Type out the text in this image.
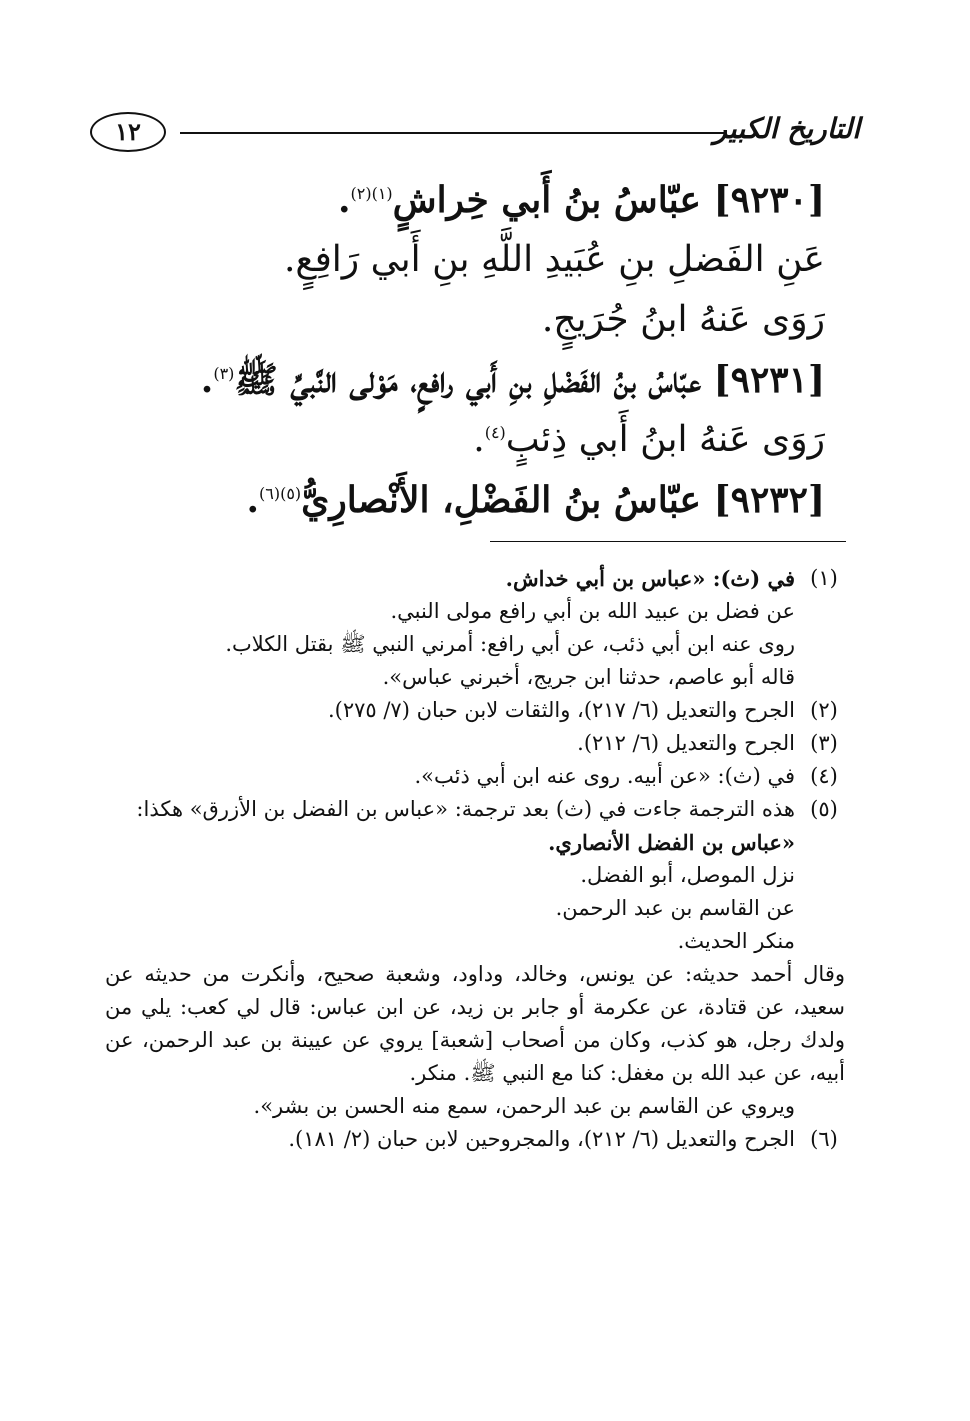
١٢	التاريخ الكبير
[٩٢٣٠] عبّاسُ بنُ أَبي خِراشٍ$^{(١)(٢)}$.
عَنِ الفَضلِ بنِ عُبَيدِ اللَّهِ بنِ أَبي رَافِعٍ.
رَوَى عَنهُ ابنُ جُرَيجٍ.
[٩٢٣١] عبّاسُ بنُ الفَضْلِ بنِ أَبي رافعٍ، مَوْلى النَّبيِّ ﷺ$^{(٣)}$.
رَوَى عَنهُ ابنُ أَبي ذِئبٍ$^{(٤)}$.
[٩٢٣٢] عبّاسُ بنُ الفَضْلِ، الأَنْصارِيُّ$^{(٥)(٦)}$.
(١)
في (ث): «عباس بن أبي خداش.
عن فضل بن عبيد الله بن أبي رافع مولى النبي.
روى عنه ابن أبي ذئب، عن أبي رافع: أمرني النبي ﷺ بقتل الكلاب.
قاله أبو عاصم، حدثنا ابن جريج، أخبرني عباس».
(٢)
الجرح والتعديل (٦/ ٢١٧)، والثقات لابن حبان (٧/ ٢٧٥).
(٣)
الجرح والتعديل (٦/ ٢١٢).
(٤)
في (ث): «عن أبيه. روى عنه ابن أبي ذئب».
(٥)
هذه الترجمة جاءت في (ث) بعد ترجمة: «عباس بن الفضل بن الأزرق» هكذا:
«عباس بن الفضل الأنصاري.
نزل الموصل، أبو الفضل.
عن القاسم بن عبد الرحمن.
منكر الحديث.
وقال أحمد حديثه: عن يونس، وخالد، وداود، وشعبة صحيح، وأنكرت من حديثه عن سعيد، عن قتادة، عن عكرمة أو جابر بن زيد، عن ابن عباس: قال لي كعب: يلي من ولدك رجل، هو كذب، وكان من أصحاب [شعبة] يروي عن عيينة بن عبد الرحمن، عن أبيه، عن عبد الله بن مغفل: كنا مع النبي ﷺ. منكر.
ويروي عن القاسم بن عبد الرحمن، سمع منه الحسن بن بشر».
(٦)
الجرح والتعديل (٦/ ٢١٢)، والمجروحين لابن حبان (٢/ ١٨١).
